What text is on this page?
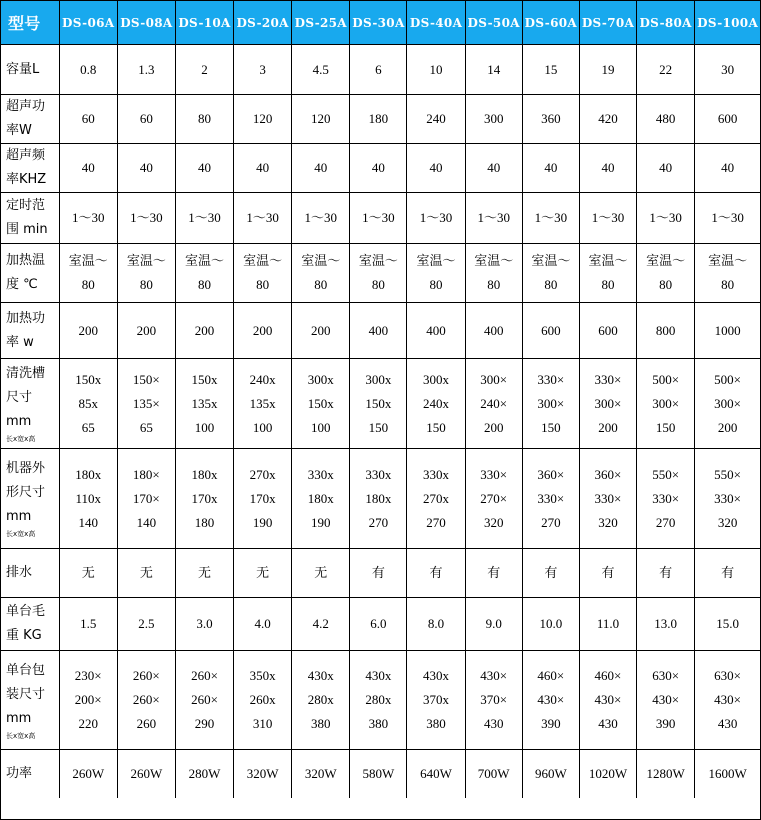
型号	DS-06A	DS-08A	DS-10A	DS-20A	DS-25A	DS-30A	DS-40A	DS-50A	DS-60A	DS-70A	DS-80A	DS-100A

容量L	0.8	1.3	2	3	4.5	6	10	14	15	19	22	30

超声功
率W	60	60	80	120	120	180	240	300	360	420	480	600

超声频
率KHZ	40	40	40	40	40	40	40	40	40	40	40	40

定时范
围 min	1～30	1～30	1～30	1～30	1～30	1～30	1～30	1～30	1～30	1～30	1～30	1～30

加热温
度 ℃	室温～
80	室温～
80	室温～
80	室温～
80	室温～
80	室温～
80	室温～
80	室温～
80	室温～
80	室温～
80	室温～
80	室温～
80

加热功
率 w	200	200	200	200	200	400	400	400	600	600	800	1000

清洗槽
尺寸
mm
长x宽x高	150x
85x
65	150×
135×
65	150x
135x
100	240x
135x
100	300x
150x
100	300x
150x
150	300x
240x
150	300×
240×
200	330×
300×
150	330×
300×
200	500×
300×
150	500×
300×
200

机器外
形尺寸
mm
长x宽x高	180x
110x
140	180×
170×
140	180x
170x
180	270x
170x
190	330x
180x
190	330x
180x
270	330x
270x
270	330×
270×
320	360×
330×
270	360×
330×
320	550×
330×
270	550×
330×
320

排水	无	无	无	无	无	有	有	有	有	有	有	有

单台毛
重 KG	1.5	2.5	3.0	4.0	4.2	6.0	8.0	9.0	10.0	11.0	13.0	15.0

单台包
装尺寸
mm
长x宽x高	230×
200×
220	260×
260×
260	260×
260×
290	350x
260x
310	430x
280x
380	430x
280x
380	430x
370x
380	430×
370×
430	460×
430×
390	460×
430×
430	630×
430×
390	630×
430×
430

功率	260W	260W	280W	320W	320W	580W	640W	700W	960W	1020W	1280W	1600W
